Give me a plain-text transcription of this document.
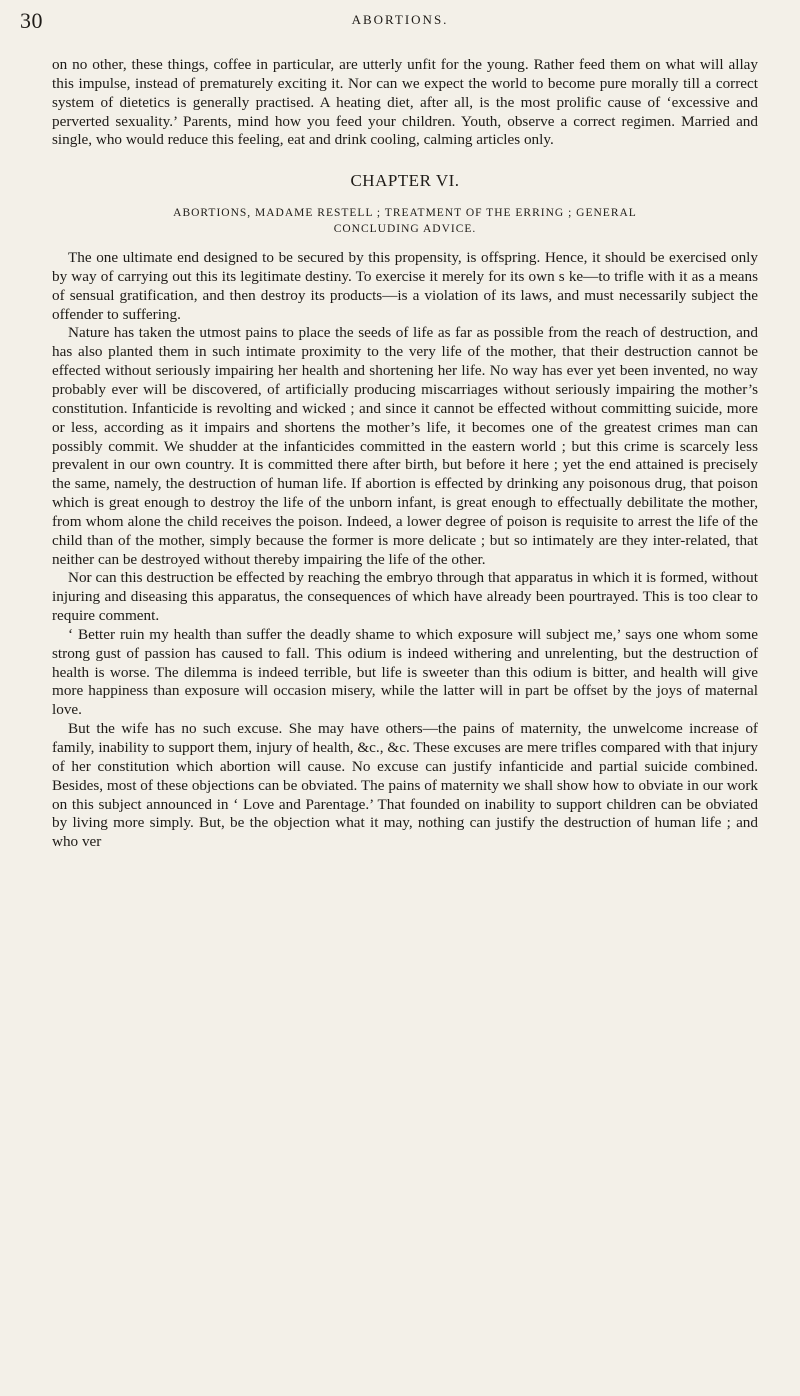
30	ABORTIONS.

on no other, these things, coffee in particular, are utterly unfit for the young. Rather feed them on what will allay this impulse, instead of prematurely exciting it. Nor can we expect the world to become pure morally till a correct system of dietetics is generally practised. A heating diet, after all, is the most prolific cause of ‘excessive and perverted sexuality.’ Parents, mind how you feed your children. Youth, observe a correct regimen. Married and single, who would reduce this feeling, eat and drink cooling, calming articles only.

CHAPTER VI.
ABORTIONS, MADAME RESTELL ; TREATMENT OF THE ERRING ; GENERAL
CONCLUDING ADVICE.

The one ultimate end designed to be secured by this propensity, is offspring. Hence, it should be exercised only by way of carrying out this its legitimate destiny. To exercise it merely for its own s ke—to trifle with it as a means of sensual gratification, and then destroy its products—is a violation of its laws, and must necessarily subject the offender to suffering.

Nature has taken the utmost pains to place the seeds of life as far as possible from the reach of destruction, and has also planted them in such intimate proximity to the very life of the mother, that their destruction cannot be effected without seriously impairing her health and shortening her life. No way has ever yet been invented, no way probably ever will be discovered, of artificially producing miscarriages without seriously impairing the mother’s constitution. Infanticide is revolting and wicked ; and since it cannot be effected without committing suicide, more or less, according as it impairs and shortens the mother’s life, it becomes one of the greatest crimes man can possibly commit. We shudder at the infanticides committed in the eastern world ; but this crime is scarcely less prevalent in our own country. It is committed there after birth, but before it here ; yet the end attained is precisely the same, namely, the destruction of human life. If abortion is effected by drinking any poisonous drug, that poison which is great enough to destroy the life of the unborn infant, is great enough to effectually debilitate the mother, from whom alone the child receives the poison. Indeed, a lower degree of poison is requisite to arrest the life of the child than of the mother, simply because the former is more delicate ; but so intimately are they inter-related, that neither can be destroyed without thereby impairing the life of the other.

Nor can this destruction be effected by reaching the embryo through that apparatus in which it is formed, without injuring and diseasing this apparatus, the consequences of which have already been pourtrayed. This is too clear to require comment.

‘ Better ruin my health than suffer the deadly shame to which exposure will subject me,’ says one whom some strong gust of passion has caused to fall. This odium is indeed withering and unrelenting, but the destruction of health is worse. The dilemma is indeed terrible, but life is sweeter than this odium is bitter, and health will give more happiness than exposure will occasion misery, while the latter will in part be offset by the joys of maternal love.

But the wife has no such excuse. She may have others—the pains of maternity, the unwelcome increase of family, inability to support them, injury of health, &c., &c. These excuses are mere trifles compared with that injury of her constitution which abortion will cause. No excuse can justify infanticide and partial suicide combined. Besides, most of these objections can be obviated. The pains of maternity we shall show how to obviate in our work on this subject announced in ‘ Love and Parentage.’ That founded on inability to support children can be obviated by living more simply. But, be the objection what it may, nothing can justify the destruction of human life ; and who ver
